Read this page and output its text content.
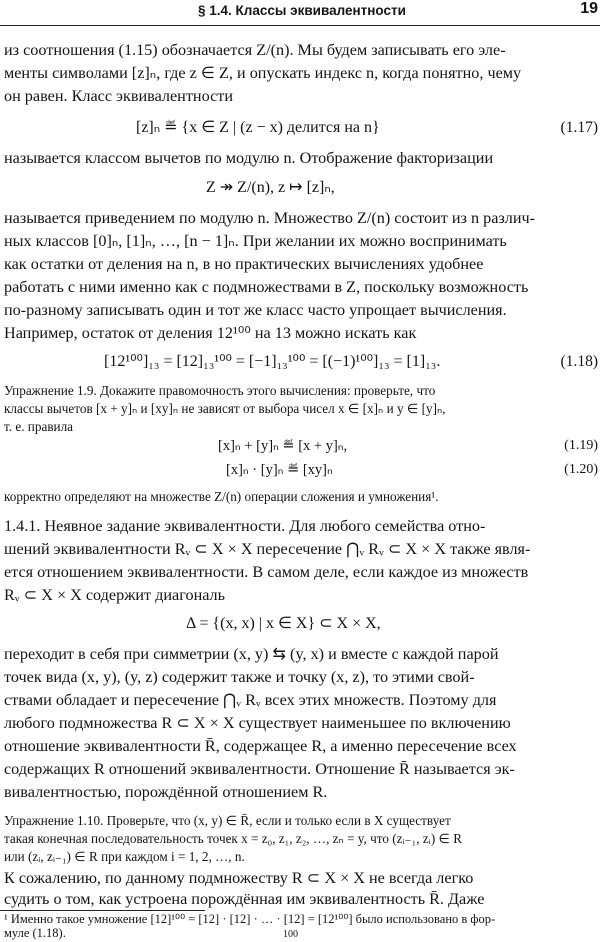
§ 1.4. Классы эквивалентности	19
из соотношения (1.15) обозначается Z/(n). Мы будем записывать его эле-
менты символами [z]ₙ, где z ∈ Z, и опускать индекс n, когда понятно, чему
он равен. Класс эквивалентности
[z]ₙ ≝ {x ∈ Z | (z − x) делится на n}	(1.17)
называется классом вычетов по модулю n. Отображение факторизации
Z ↠ Z/(n), z ↦ [z]ₙ,
называется приведением по модулю n. Множество Z/(n) состоит из n различ-
ных классов [0]ₙ, [1]ₙ, …, [n − 1]ₙ. При желании их можно воспринимать
как остатки от деления на n, в но практических вычислениях удобнее
работать с ними именно как с подмножествами в Z, поскольку возможность
по-разному записывать один и тот же класс часто упрощает вычисления.
Например, остаток от деления 12¹⁰⁰ на 13 можно искать как
[12¹⁰⁰]₁₃ = [12]₁₃¹⁰⁰ = [−1]₁₃¹⁰⁰ = [(−1)¹⁰⁰]₁₃ = [1]₁₃.	(1.18)
Упражнение 1.9. Докажите правомочность этого вычисления: проверьте, что
классы вычетов [x + y]ₙ и [xy]ₙ не зависят от выбора чисел x ∈ [x]ₙ и y ∈ [y]ₙ,
т. е. правила
[x]ₙ + [y]ₙ ≝ [x + y]ₙ,	(1.19)
[x]ₙ · [y]ₙ ≝ [xy]ₙ	(1.20)
корректно определяют на множестве Z/(n) операции сложения и умножения¹.
1.4.1. Неявное задание эквивалентности. Для любого семейства отно-
шений эквивалентности Rᵥ ⊂ X × X пересечение ⋂ᵥ Rᵥ ⊂ X × X также явля-
ется отношением эквивалентности. В самом деле, если каждое из множеств
Rᵥ ⊂ X × X содержит диагональ
Δ = {(x, x) | x ∈ X} ⊂ X × X,
переходит в себя при симметрии (x, y) ⇆ (y, x) и вместе с каждой парой
точек вида (x, y), (y, z) содержит также и точку (x, z), то этими свой-
ствами обладает и пересечение ⋂ᵥ Rᵥ всех этих множеств. Поэтому для
любого подмножества R ⊂ X × X существует наименьшее по включению
отношение эквивалентности R̄, содержащее R, а именно пересечение всех
содержащих R отношений эквивалентности. Отношение R̄ называется эк-
вивалентностью, порождённой отношением R.
Упражнение 1.10. Проверьте, что (x, y) ∈ R̄, если и только если в X существует
такая конечная последовательность точек x = z₀, z₁, z₂, …, zₙ = y, что (zᵢ₋₁, zᵢ) ∈ R
или (zᵢ, zᵢ₋₁) ∈ R при каждом i = 1, 2, …, n.
К сожалению, по данному подмножеству R ⊂ X × X не всегда легко
судить о том, как устроена порождённая им эквивалентность R̄. Даже
¹ Именно такое умножение [12]¹⁰⁰ = [12] · [12] · … · [12] = [12¹⁰⁰] было использовано в фор-
муле (1.18).	100
